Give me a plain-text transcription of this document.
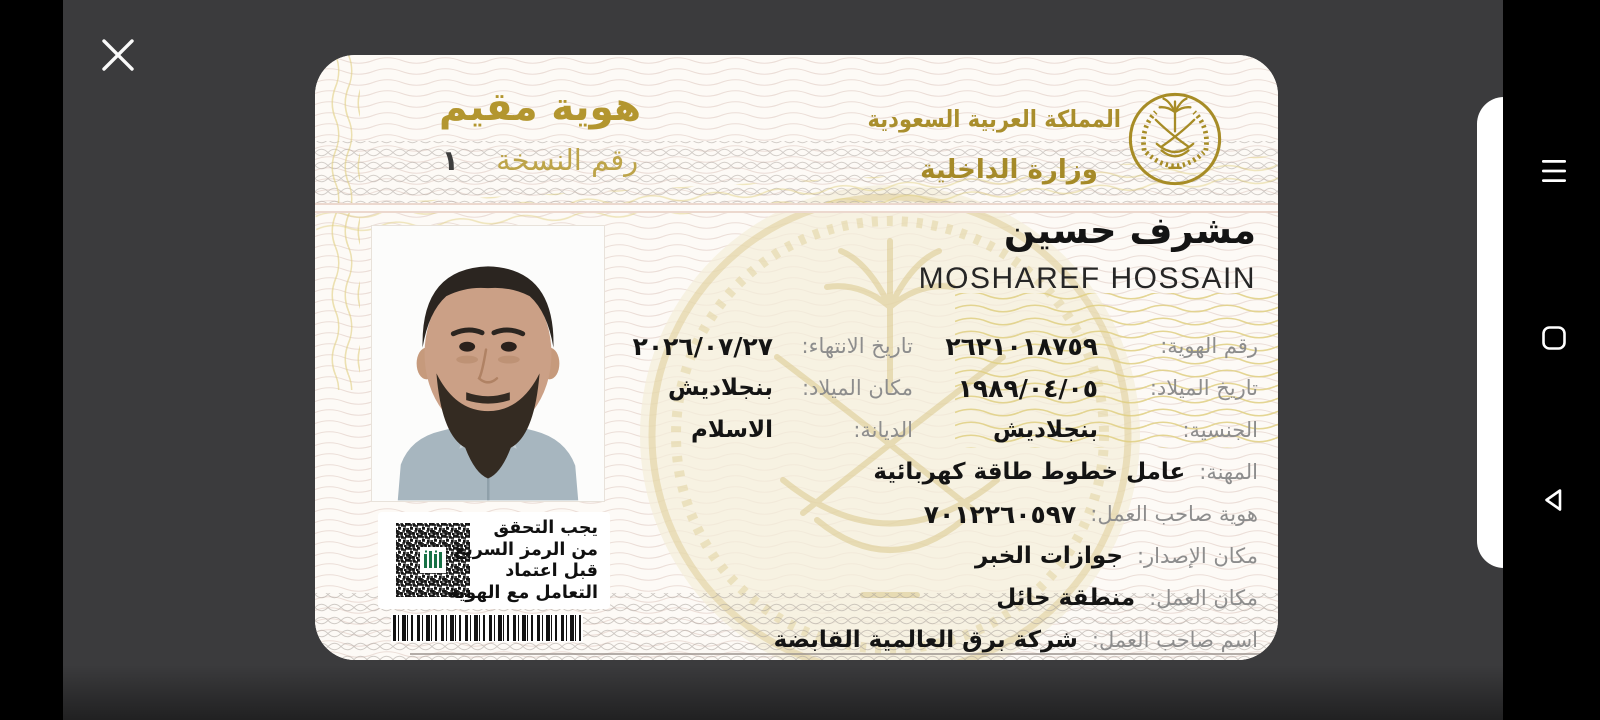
هوية مقيم
رقم النسخة ١
المملكة العربية السعودية
وزارة الداخلية
مشرف حسين
MOSHAREF HOSSAIN
رقم الهوية:
٢٦٢١٠١٨٧٥٩
تاريخ الانتهاء:
٢٠٢٦/٠٧/٢٧
تاريخ الميلاد:
١٩٨٩/٠٤/٠٥
مكان الميلاد:
بنجلاديش
الجنسية:
بنجلاديش
الديانة:
الاسلام
المهنة:
عامل خطوط طاقة كهربائية
هوية صاحب العمل:
٧٠١٢٢٦٠٥٩٧
مكان الإصدار:
جوازات الخبر
مكان العمل:
منطقة حائل
اسم صاحب العمل:
شركة برق العالمية القابضة
يجب التحقق
من الرمز السريع
قبل اعتماد
التعامل مع الهوية
